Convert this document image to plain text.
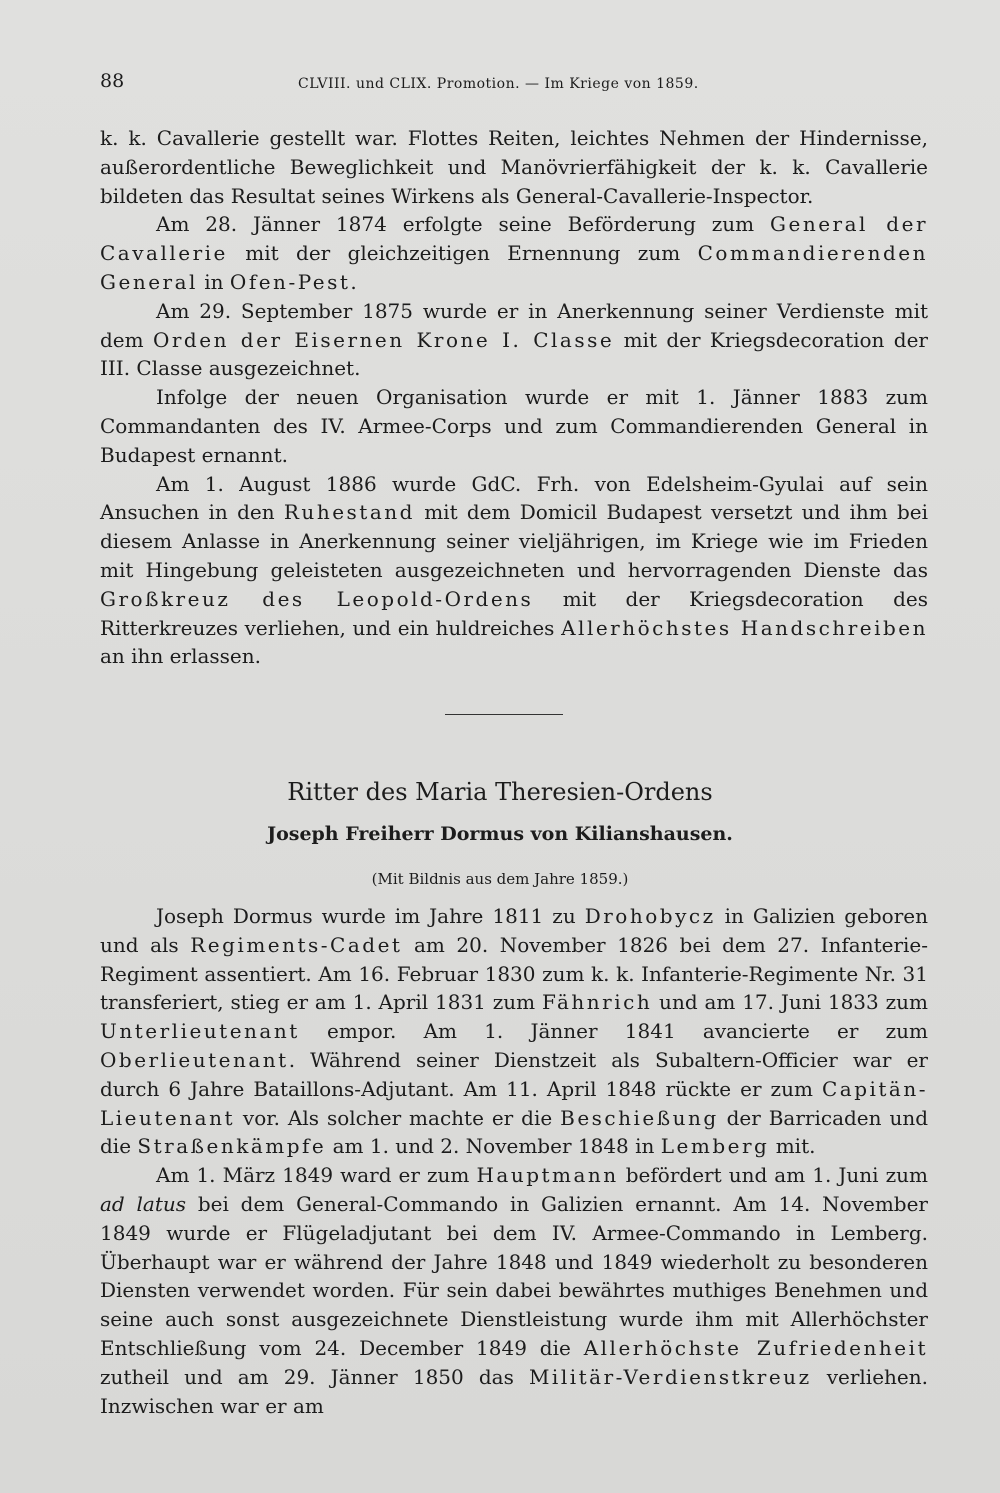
88	CLVIII. und CLIX. Promotion. — Im Kriege von 1859.

k. k. Cavallerie gestellt war. Flottes Reiten, leichtes Nehmen der Hindernisse, außerordentliche Beweglichkeit und Manövrierfähigkeit der k. k. Cavallerie bildeten das Resultat seines Wirkens als General-Cavallerie-Inspector.

Am 28. Jänner 1874 erfolgte seine Beförderung zum General der Cavallerie mit der gleichzeitigen Ernennung zum Commandierenden General in Ofen-Pest.

Am 29. September 1875 wurde er in Anerkennung seiner Verdienste mit dem Orden der Eisernen Krone I. Classe mit der Kriegsdecoration der III. Classe ausgezeichnet.

Infolge der neuen Organisation wurde er mit 1. Jänner 1883 zum Commandanten des IV. Armee-Corps und zum Commandierenden General in Budapest ernannt.

Am 1. August 1886 wurde GdC. Frh. von Edelsheim-Gyulai auf sein Ansuchen in den Ruhestand mit dem Domicil Budapest versetzt und ihm bei diesem Anlasse in Anerkennung seiner vieljährigen, im Kriege wie im Frieden mit Hingebung geleisteten ausgezeichneten und hervorragenden Dienste das Großkreuz des Leopold-Ordens mit der Kriegsdecoration des Ritterkreuzes verliehen, und ein huldreiches Allerhöchstes Handschreiben an ihn erlassen.

Ritter des Maria Theresien-Ordens
Joseph Freiherr Dormus von Kilianshausen.
(Mit Bildnis aus dem Jahre 1859.)

Joseph Dormus wurde im Jahre 1811 zu Drohobycz in Galizien geboren und als Regiments-Cadet am 20. November 1826 bei dem 27. Infanterie-Regiment assentiert. Am 16. Februar 1830 zum k. k. Infanterie-Regimente Nr. 31 transferiert, stieg er am 1. April 1831 zum Fähnrich und am 17. Juni 1833 zum Unterlieutenant empor. Am 1. Jänner 1841 avancierte er zum Oberlieutenant. Während seiner Dienstzeit als Subaltern-Officier war er durch 6 Jahre Bataillons-Adjutant. Am 11. April 1848 rückte er zum Capitän-Lieutenant vor. Als solcher machte er die Beschießung der Barricaden und die Straßenkämpfe am 1. und 2. November 1848 in Lemberg mit.

Am 1. März 1849 ward er zum Hauptmann befördert und am 1. Juni zum ad latus bei dem General-Commando in Galizien ernannt. Am 14. November 1849 wurde er Flügeladjutant bei dem IV. Armee-Commando in Lemberg. Überhaupt war er während der Jahre 1848 und 1849 wiederholt zu besonderen Diensten verwendet worden. Für sein dabei bewährtes muthiges Benehmen und seine auch sonst ausgezeichnete Dienstleistung wurde ihm mit Allerhöchster Entschließung vom 24. December 1849 die Allerhöchste Zufriedenheit zutheil und am 29. Jänner 1850 das Militär-Verdienstkreuz verliehen. Inzwischen war er am
